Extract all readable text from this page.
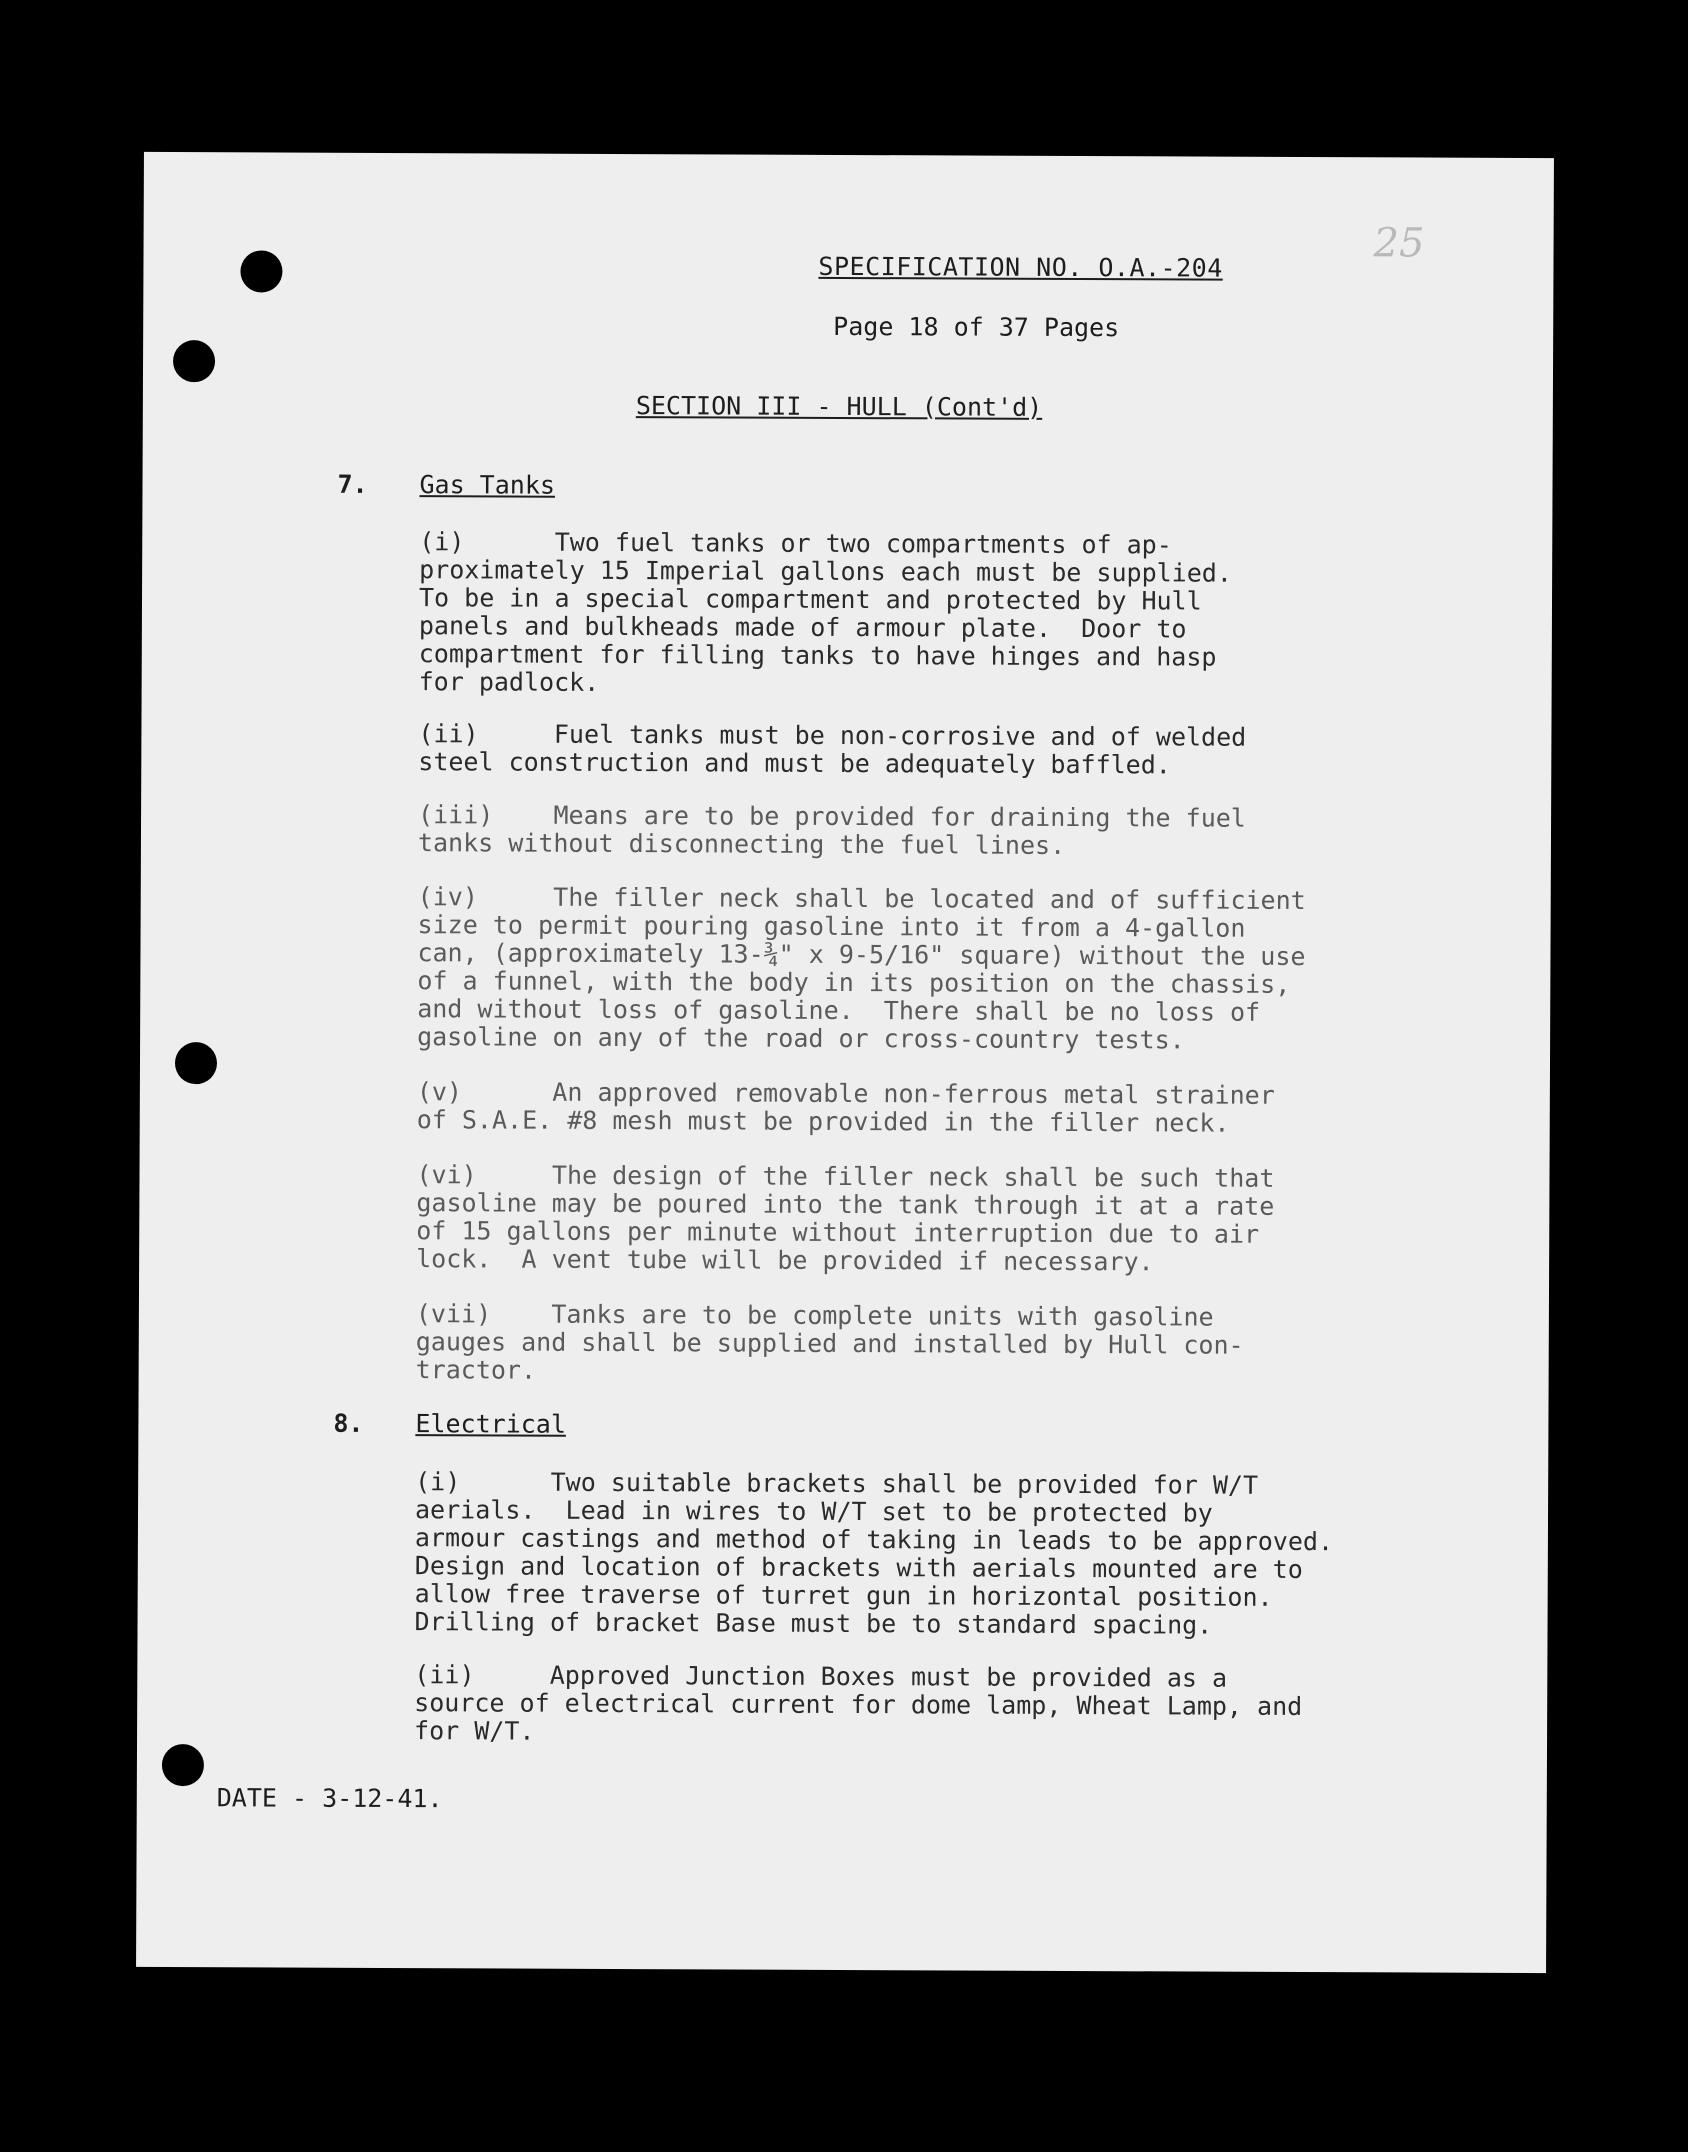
25
SPECIFICATION NO. O.A.-204
Page 18 of 37 Pages
SECTION III - HULL (Cont'd)
7. Gas Tanks
(i)      Two fuel tanks or two compartments of ap-
proximately 15 Imperial gallons each must be supplied.
To be in a special compartment and protected by Hull
panels and bulkheads made of armour plate.  Door to
compartment for filling tanks to have hinges and hasp
for padlock.
(ii)     Fuel tanks must be non-corrosive and of welded
steel construction and must be adequately baffled.
(iii)    Means are to be provided for draining the fuel
tanks without disconnecting the fuel lines.
(iv)     The filler neck shall be located and of sufficient
size to permit pouring gasoline into it from a 4-gallon
can, (approximately 13-¾" x 9-5/16" square) without the use
of a funnel, with the body in its position on the chassis,
and without loss of gasoline.  There shall be no loss of
gasoline on any of the road or cross-country tests.
(v)      An approved removable non-ferrous metal strainer
of S.A.E. #8 mesh must be provided in the filler neck.
(vi)     The design of the filler neck shall be such that
gasoline may be poured into the tank through it at a rate
of 15 gallons per minute without interruption due to air
lock.  A vent tube will be provided if necessary.
(vii)    Tanks are to be complete units with gasoline
gauges and shall be supplied and installed by Hull con-
tractor.
8. Electrical
(i)      Two suitable brackets shall be provided for W/T
aerials.  Lead in wires to W/T set to be protected by
armour castings and method of taking in leads to be approved.
Design and location of brackets with aerials mounted are to
allow free traverse of turret gun in horizontal position.
Drilling of bracket Base must be to standard spacing.
(ii)     Approved Junction Boxes must be provided as a
source of electrical current for dome lamp, Wheat Lamp, and
for W/T.
DATE - 3-12-41.
